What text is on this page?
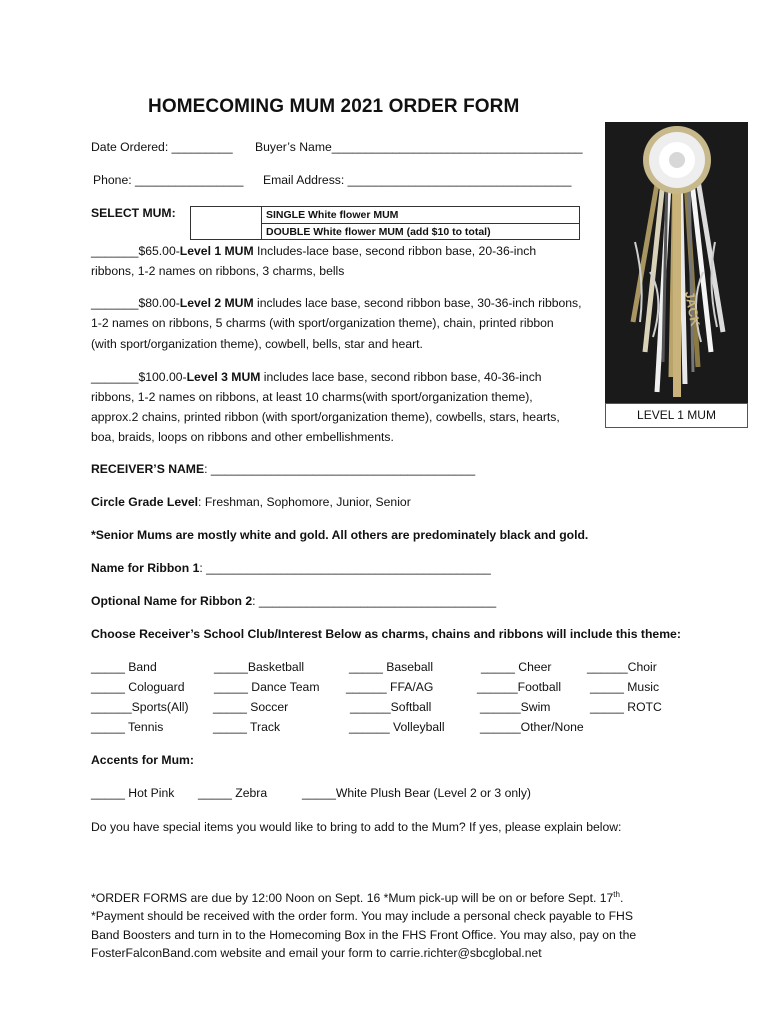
HOMECOMING MUM 2021 ORDER FORM
Date Ordered: _________ Buyer’s Name_____________________________________
Phone: ________________ Email Address: _________________________________
SELECT MUM:	SINGLE White flower MUM
DOUBLE White flower MUM (add $10 to total)
_______$65.00-Level 1 MUM Includes-lace base, second ribbon base, 20-36-inch
ribbons, 1-2 names on ribbons, 3 charms, bells
_______$80.00-Level 2 MUM includes lace base, second ribbon base, 30-36-inch ribbons,
1-2 names on ribbons, 5 charms (with sport/organization theme), chain, printed ribbon
(with sport/organization theme), cowbell, bells, star and heart.
_______$100.00-Level 3 MUM includes lace base, second ribbon base, 40-36-inch
ribbons, 1-2 names on ribbons, at least 10 charms(with sport/organization theme),
approx.2 chains, printed ribbon (with sport/organization theme), cowbells, stars, hearts,
boa, braids, loops on ribbons and other embellishments.
JACK
LEVEL 1 MUM
RECEIVER’S NAME: _______________________________________
Circle Grade Level: Freshman, Sophomore, Junior, Senior
*Senior Mums are mostly white and gold. All others are predominately black and gold.
Name for Ribbon 1: __________________________________________
Optional Name for Ribbon 2: ___________________________________
Choose Receiver’s School Club/Interest Below as charms, chains and ribbons will include this theme:
_____ Band	_____Basketball	_____ Baseball	_____ Cheer	______Choir
_____ Cologuard _____ Dance Team ______ FFA/AG	______Football _____ Music
______Sports(All) _____ Soccer	______Softball	______Swim	_____ ROTC
_____ Tennis	_____ Track	______ Volleyball	______Other/None
Accents for Mum:
_____ Hot Pink _____ Zebra	_____White Plush Bear (Level 2 or 3 only)
Do you have special items you would like to bring to add to the Mum? If yes, please explain below:
*ORDER FORMS are due by 12:00 Noon on Sept. 16 *Mum pick-up will be on or before Sept. 17th.
*Payment should be received with the order form. You may include a personal check payable to FHS
Band Boosters and turn in to the Homecoming Box in the FHS Front Office. You may also, pay on the
FosterFalconBand.com website and email your form to carrie.richter@sbcglobal.net
